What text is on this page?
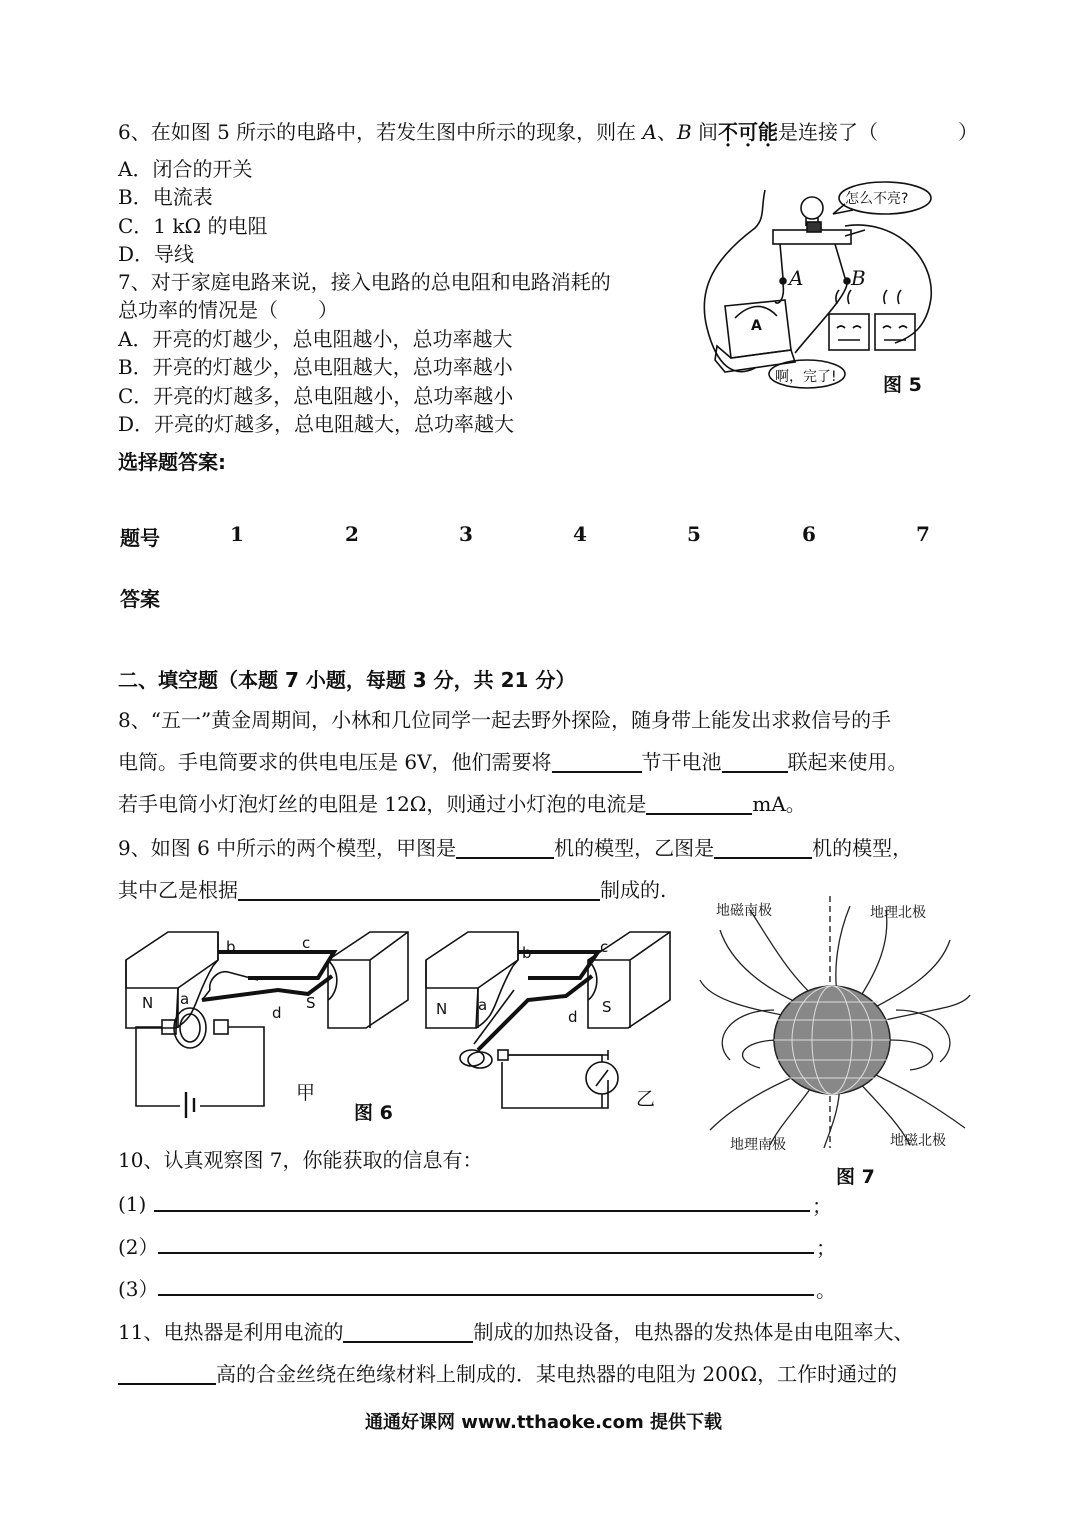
6、在如图 5 所示的电路中，若发生图中所示的现象，则在 A、B 间不可能是连接了（	）
A．闭合的开关
B．电流表
C．1 kΩ 的电阻
D．导线
7、对于家庭电路来说，接入电路的总电阻和电路消耗的
总功率的情况是（　　）
A．开亮的灯越少，总电阻越小，总功率越大
B．开亮的灯越少，总电阻越大，总功率越小
C．开亮的灯越多，总电阻越小，总功率越小
D．开亮的灯越多，总电阻越大，总功率越大
怎么不亮?
啊，完了!
A B
A
图 5
选择题答案:
题号	1	2	3	4	5	6	7
答案
二、填空题（本题 7 小题，每题 3 分，共 21 分）
8、“五一”黄金周期间，小林和几位同学一起去野外探险，随身带上能发出求救信号的手
电筒。手电筒要求的供电电压是 6V，他们需要将	节干电池	联起来使用。
若手电筒小灯泡灯丝的电阻是 12Ω，则通过小灯泡的电流是	mA。
9、如图 6 中所示的两个模型，甲图是	机的模型，乙图是	机的模型，
其中乙是根据	制成的.
N	S
a
b	c
d	N	S
a
b	c
d
甲	乙
图 6
地磁南极	地理北极
地理南极	地磁北极
图 7
10、认真观察图 7，你能获取的信息有：
(1)	；
(2）	；
(3）	。
11、电热器是利用电流的	制成的加热设备，电热器的发热体是由电阻率大、
高的合金丝绕在绝缘材料上制成的．某电热器的电阻为 200Ω，工作时通过的
通通好课网 www.tthaoke.com 提供下载
